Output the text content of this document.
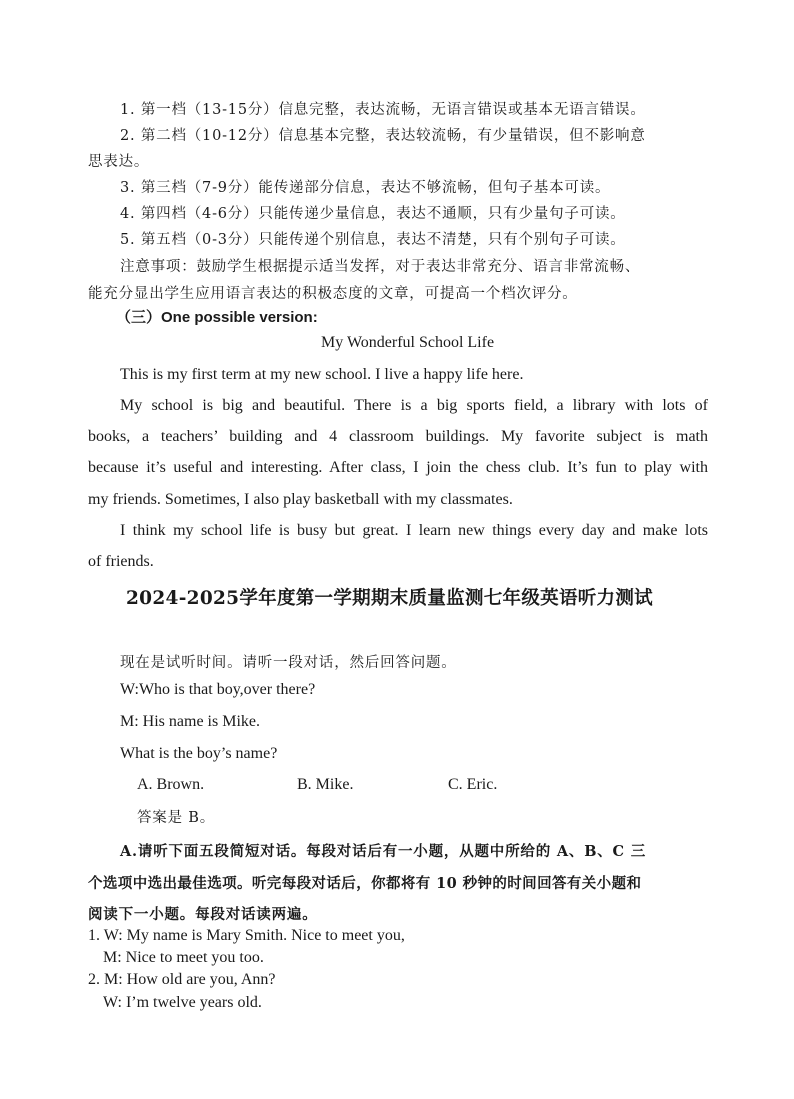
1. 第一档（13-15分）信息完整，表达流畅，无语言错误或基本无语言错误。
2. 第二档（10-12分）信息基本完整，表达较流畅，有少量错误，但不影响意
思表达。
3. 第三档（7-9分）能传递部分信息，表达不够流畅，但句子基本可读。
4. 第四档（4-6分）只能传递少量信息，表达不通顺，只有少量句子可读。
5. 第五档（0-3分）只能传递个别信息，表达不清楚，只有个别句子可读。
注意事项：鼓励学生根据提示适当发挥，对于表达非常充分、语言非常流畅、
能充分显出学生应用语言表达的积极态度的文章，可提高一个档次评分。
（三）One possible version:
My Wonderful School Life
This is my first term at my new school. I live a happy life here.
My school is big and beautiful. There is a big sports field, a library with lots of
books, a teachers’ building and 4 classroom buildings. My favorite subject is math
because it’s useful and interesting. After class, I join the chess club. It’s fun to play with
my friends. Sometimes, I also play basketball with my classmates.
I think my school life is busy but great. I learn new things every day and make lots
of friends.
2024-2025学年度第一学期期末质量监测七年级英语听力测试
现在是试听时间。请听一段对话，然后回答问题。
W:Who is that boy,over there?
M: His name is Mike.
What is the boy’s name?
A. Brown.	B. Mike.	C. Eric.
答案是 B。
A.请听下面五段简短对话。每段对话后有一小题，从题中所给的 A、B、C 三
个选项中选出最佳选项。听完每段对话后，你都将有 10 秒钟的时间回答有关小题和
阅读下一小题。每段对话读两遍。
1. W: My name is Mary Smith. Nice to meet you,
M: Nice to meet you too.
2. M: How old are you, Ann?
W: I’m twelve years old.
